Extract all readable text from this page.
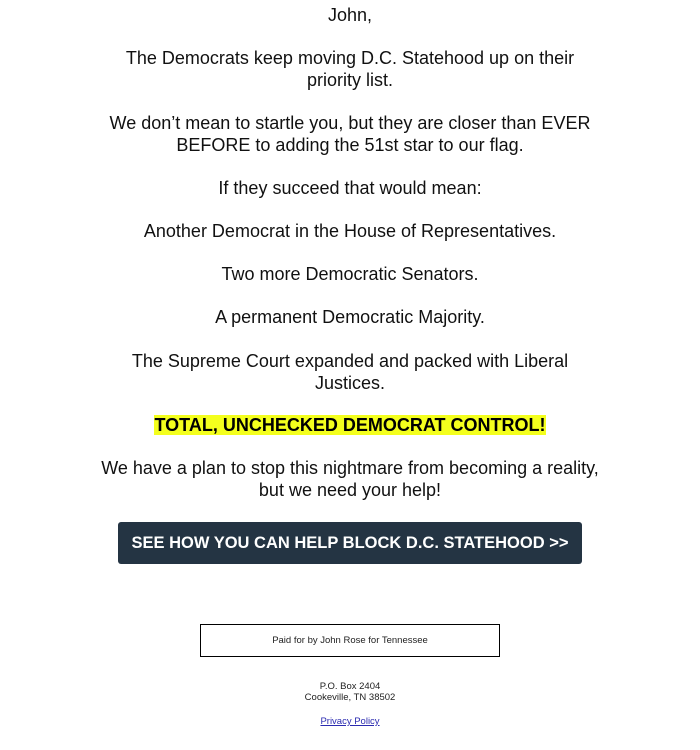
John,

The Democrats keep moving D.C. Statehood up on their priority list.

We don’t mean to startle you, but they are closer than EVER BEFORE to adding the 51st star to our flag.

If they succeed that would mean:

Another Democrat in the House of Representatives.

Two more Democratic Senators.

A permanent Democratic Majority.

The Supreme Court expanded and packed with Liberal Justices.

TOTAL, UNCHECKED DEMOCRAT CONTROL!

We have a plan to stop this nightmare from becoming a reality, but we need your help!

SEE HOW YOU CAN HELP BLOCK D.C. STATEHOOD >>
Paid for by John Rose for Tennessee
P.O. Box 2404
Cookeville, TN 38502
Privacy Policy
